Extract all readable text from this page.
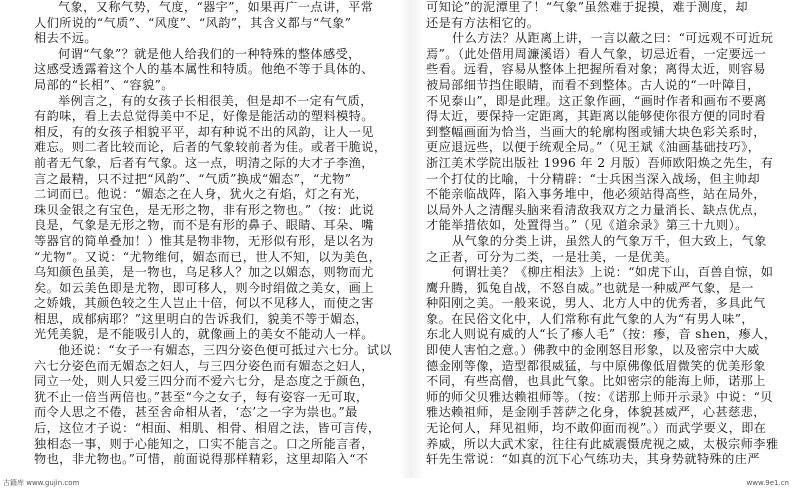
气象，又称气势，气度，“器宇”，如果再广一点讲，平常

人们所说的“气质”、“风度”、“风韵”，其含义都与“气象”

相去不远。

何谓“气象”？就是他人给我们的一种特殊的整体感受，

这感受透露着这个人的基本属性和特质。他绝不等于具体的、

局部的“长相”、“容貌”。

举例言之，有的女孩子长相很美，但是却不一定有气质，

有韵味，看上去总觉得美中不足，好像是能活动的塑料模特。

相反，有的女孩子相貌平平，却有种说不出的风韵，让人一见

难忘。则二者比较而论，后者的气象较前者为佳。或者干脆说，

前者无气象，后者有气象。这一点，明清之际的大才子李渔，

言之最精，只不过把“风韵”、“气质”换成“媚态”，“尤物”

二词而已。他说：“媚态之在人身，犹火之有焰，灯之有光，

珠贝金银之有宝色，是无形之物，非有形之物也。”（按：此说

良是，气象是无形之物，而不是有形的鼻子、眼睛、耳朵、嘴

等器官的简单叠加！）惟其是物非物，无形似有形，是以名为

“尤物”。又说：“尤物维何，媚态而已，世人不知，以为美色，

乌知颜色虽美，是一物也，乌足移人？加之以媚态，则物而尤

矣。如云美色即是尤物，即可移人，则今时绢做之美女，画上

之娇娥，其颜色较之生人岂止十倍，何以不见移人，而使之害

相思，成郁病耶？”这里明白的告诉我们，貌美不等于媚态，

光凭美貌，是不能吸引人的，就像画上的美女不能动人一样。

他还说：“女子一有媚态，三四分姿色便可抵过六七分。试以

六七分姿色而无媚态之妇人，与三四分姿色而有媚态之妇人，

同立一处，则人只爱三四分而不爱六七分，是态度之于颜色，

犹不止一倍当两倍也。”甚至“今之女子，每有姿容一无可取，

而令人思之不倦，甚至舍命相从者，‘态’之一字为祟也。”最

后，这位才子说：“相面、相肌、相骨、相眉之法，皆可言传，

独相态一事，则于心能知之，口实不能言之。口之所能言者，

物也，非尤物也。”可惜，前面说得那样精彩，这里却陷入“不

可知论”的泥潭里了！“气象”虽然难于捉摸，难于测度，却

还是有方法相它的。

什么方法？从距离上讲，一言以蔽之曰：“可远观不可近玩

焉”。（此处借用周濂溪语）看人气象，切忌近看，一定要远一

些看。远看，容易从整体上把握所看对象；离得太近，则容易

被局部细节挡住眼睛，而看不到整体。古人说的“一叶障目，

不见泰山”，即是此理。这正象作画，“画时作者和画布不要离

得太近，要保持一定距离，其距离以能够使你很方便的同时看

到整幅画面为恰当，当画大的轮廓构图或铺大块色彩关系时，

更应退远些，以便于统观全局。”（见王斌《油画基础技巧》，

浙江美术学院出版社 1996 年 2 月版）吾师欧阳焕之先生，有

一个打仗的比喻，十分精辟：“士兵困当深入战场，但主帅却

不能亲临战阵，陷入事务堆中，他必须站得高些，站在局外，

以局外人之清醒头脑来看清敌我双方之力量消长、缺点优点，

才能举措依如，处置得当。”（见《道余录》第三十九则）。

从气象的分类上讲，虽然人的气象万千，但大致上，气象

之正者，可分为二类，一是壮美，一是优美。

何谓壮美？《柳庄相法》上说：“如虎下山，百兽自惊，如

鹰升腾，狐兔自战，不怒自威。”也就是一种威严气象，是一

种阳刚之美。一般来说，男人、北方人中的优秀者，多具此气

象。在民俗文化中，人们常称有此气象的人为“有男人味”，

东北人则说有威的人“长了瘆人毛”（按：瘆，音 shen，瘆人，

即使人害怕之意。）佛教中的金刚怒目形象，以及密宗中大威

德金刚等像，造型都很威猛，与中原佛像低眉微笑的优美形象

不同，有些高僧，也具此气象。比如密宗的能海上师，诺那上

师的师父贝雅达赖祖师等。（按：《诺那上师开示录》中说：“贝

雅达赖祖师，是金刚手菩萨之化身，体貌甚威严，心甚慈悲，

无论何人，拜见祖师，均不敢仰面而视”。）而武学要义，即在

养威，所以大武术家，往往有此威震慑虎视之威，太极宗师李雅

轩先生常说：“如真的沉下心气练功夫，其身势就特殊的庄严

古籍库 www.gujin.com	www.9e1.cn
